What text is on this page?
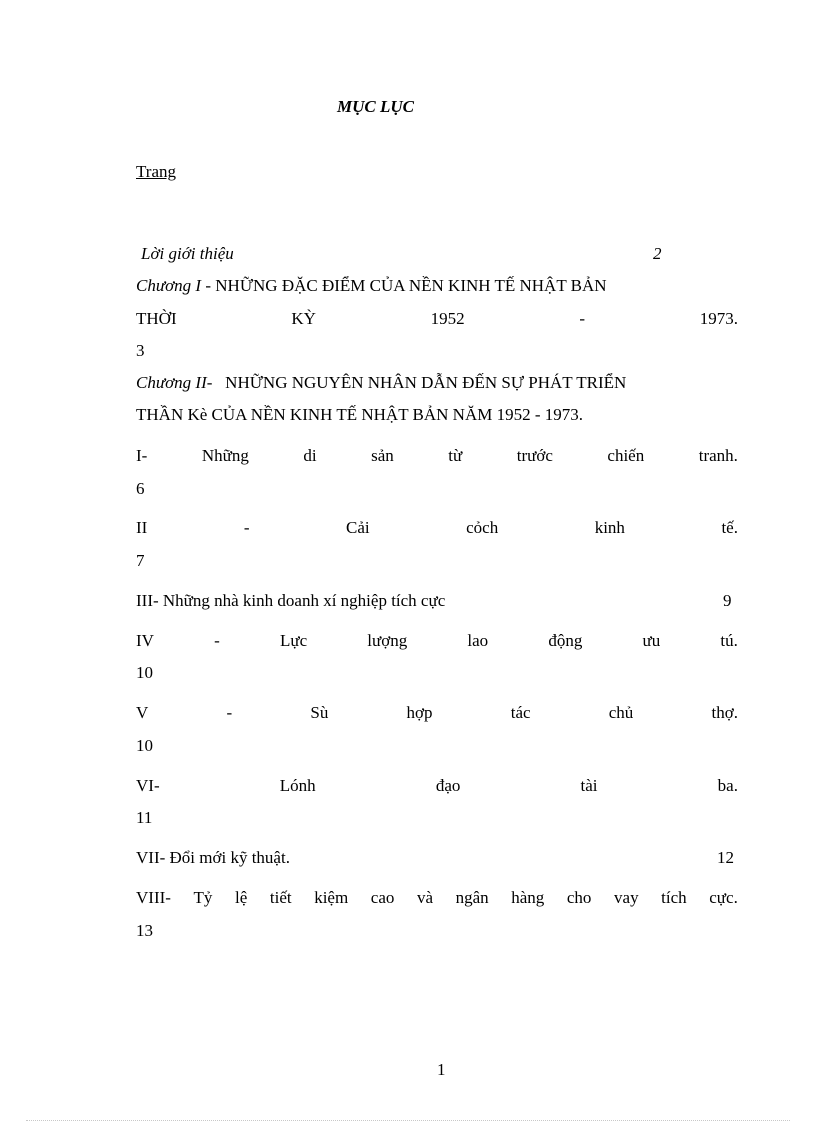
MỤC LỤC
Trang
Lời giới thiệu	2
Chương I - NHỮNG ĐẶC ĐIỂM CỦA NỀN KINH TẾ NHẬT BẢN
THỜI	KỲ	1952	-	1973.
3
Chương II- NHỮNG NGUYÊN NHÂN DẪN ĐẾN SỰ PHÁT TRIỂN
THẦN Kè CỦA NỀN KINH TẾ NHẬT BẢN NĂM 1952 - 1973.
I-	Những	di	sản	từ	trước	chiến	tranh.
6
II	-	Cải	cỏch	kinh	tế.
7
III- Những nhà kinh doanh xí nghiệp tích cực	9
IV	-	Lực	lượng	lao	động	ưu	tú.
10
V	-	Sù	hợp	tác	chủ	thợ.
10
VI-	Lónh	đạo	tài	ba.
11
VII- Đổi mới kỹ thuật.	12
VIII- Tỷ lệ tiết kiệm cao và ngân hàng cho vay tích cực.
13
1
